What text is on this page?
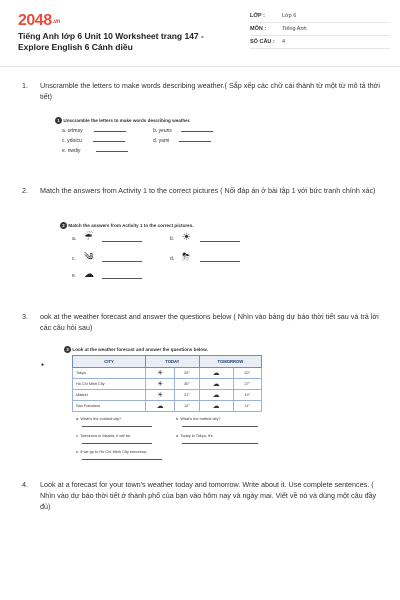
2048.vn
Tiếng Anh lớp 6 Unit 10 Worksheet trang 147 - Explore English 6 Cánh diều
LỚP :	Lớp 6
MÔN :	Tiếng Anh
SỐ CÂU :	4
1. Unscramble the letters to make words describing weather.( Sắp xếp các chữ cái thành từ một từ mô tả thời tiết)
1 Unscramble the letters to make words describing weather.
a. ortmsy	b. yeuns
c. ydoicu	d. yarni
e. nwdiy
2. Match the answers from Activity 1 to the correct pictures ( Nối đáp án ở bài tập 1 với bức tranh chính xác)
2 Match the answers from Activity 1 to the correct pictures.
a. ☔	b. ☀
c. ༄	d. ⛈
e. ☁
3. ook at the weather forecast and answer the questions below ( Nhìn vào bảng dự báo thời tiết sau và trả lời các câu hỏi sau)
3 Look at the weather forecast and answer the questions below.
●
CITY	TODAY		TOMORROW	
Tokyo	☀	26°	☁	20°
Hồ Chí Minh City	☀	30°	☁	27°
Madrid	☀	21°	☁	19°
San Francisco	☁	12°	☁	11°
a. What's the coldest city?	b. What's the hottest city?
c. Tomorrow in Madrid, it will be	d. Today in Tokyo, it's
e. If we go to Hồ Chí Minh City tomorrow,
4. Look at a forecast for your town's weather today and tomorrow. Write about it. Use complete sentences. ( Nhìn vào dự báo thời tiết ở thành phố của bạn vào hôm nay và ngày mai. Viết về nó và dùng một câu đầy đủ)
